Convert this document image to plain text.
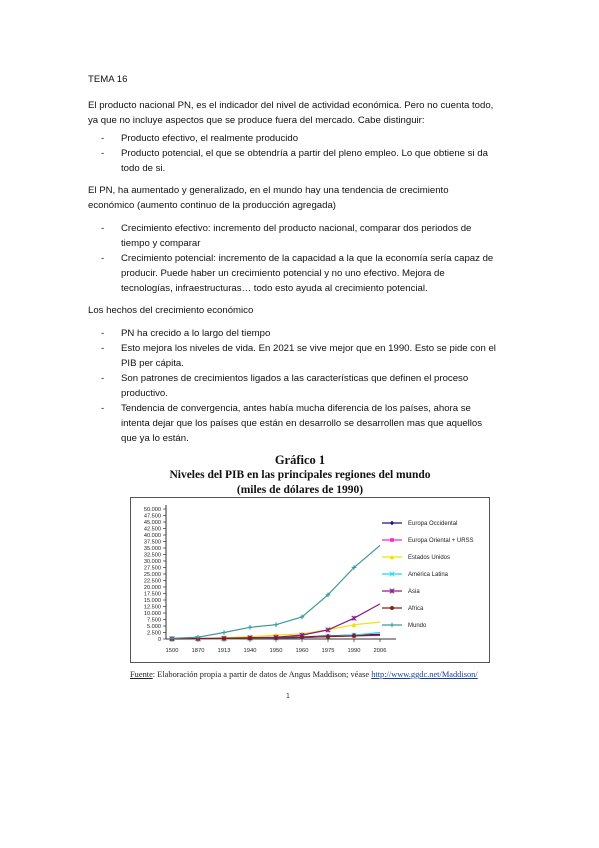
TEMA 16
El producto nacional PN, es el indicador del nivel de actividad económica. Pero no cuenta todo,
ya que no incluye aspectos que se produce fuera del mercado. Cabe distinguir:
- Producto efectivo, el realmente producido
- Producto potencial, el que se obtendría a partir del pleno empleo. Lo que obtiene si da
todo de si.
El PN, ha aumentado y generalizado, en el mundo hay una tendencia de crecimiento
económico (aumento continuo de la producción agregada)
- Crecimiento efectivo: incremento del producto nacional, comparar dos periodos de
tiempo y comparar
- Crecimiento potencial: incremento de la capacidad a la que la economía sería capaz de
producir. Puede haber un crecimiento potencial y no uno efectivo. Mejora de
tecnologías, infraestructuras… todo esto ayuda al crecimiento potencial.
Los hechos del crecimiento económico
- PN ha crecido a lo largo del tiempo
- Esto mejora los niveles de vida. En 2021 se vive mejor que en 1990. Esto se pide con el
PIB per cápita.
- Son patrones de crecimientos ligados a las características que definen el proceso
productivo.
- Tendencia de convergencia, antes había mucha diferencia de los países, ahora se
intenta dejar que los países que están en desarrollo se desarrollen mas que aquellos
que ya lo están.
Gráfico 1
Niveles del PIB en las principales regiones del mundo
(miles de dólares de 1990)
0
2.500
5.000
7.500
10.000
12.500
15.000
17.500
20.000
22.500
25.000
27.500
30.000
32.500
35.000
37.500
40.000
42.500
45.000
47.500
50.000
1500 1870 1913 1940 1950 1960 1975 1990 2006
Europa Occidental
Europa Oriental + URSS
Estados Unidos
América Latina
Asia
Africa
Mundo
Fuente: Elaboración propia a partir de datos de Angus Maddison; véase http://www.ggdc.net/Maddison/
1
